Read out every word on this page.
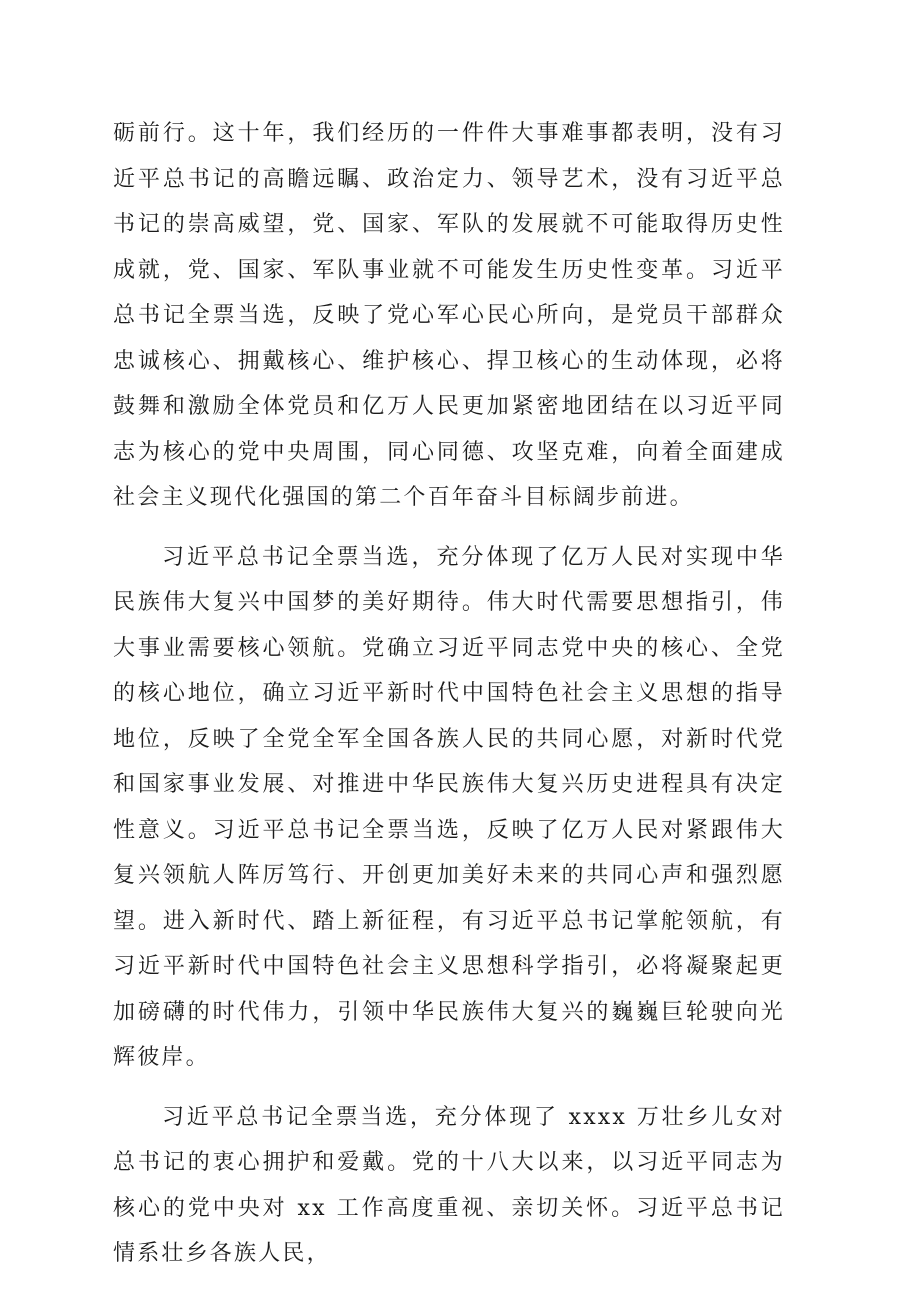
砺前行。这十年，我们经历的一件件大事难事都表明，没有习近平总书记的高瞻远瞩、政治定力、领导艺术，没有习近平总书记的崇高威望，党、国家、军队的发展就不可能取得历史性成就，党、国家、军队事业就不可能发生历史性变革。习近平总书记全票当选，反映了党心军心民心所向，是党员干部群众忠诚核心、拥戴核心、维护核心、捍卫核心的生动体现，必将鼓舞和激励全体党员和亿万人民更加紧密地团结在以习近平同志为核心的党中央周围，同心同德、攻坚克难，向着全面建成社会主义现代化强国的第二个百年奋斗目标阔步前进。

习近平总书记全票当选，充分体现了亿万人民对实现中华民族伟大复兴中国梦的美好期待。伟大时代需要思想指引，伟大事业需要核心领航。党确立习近平同志党中央的核心、全党的核心地位，确立习近平新时代中国特色社会主义思想的指导地位，反映了全党全军全国各族人民的共同心愿，对新时代党和国家事业发展、对推进中华民族伟大复兴历史进程具有决定性意义。习近平总书记全票当选，反映了亿万人民对紧跟伟大复兴领航人阵厉笃行、开创更加美好未来的共同心声和强烈愿望。进入新时代、踏上新征程，有习近平总书记掌舵领航，有习近平新时代中国特色社会主义思想科学指引，必将凝聚起更加磅礴的时代伟力，引领中华民族伟大复兴的巍巍巨轮驶向光辉彼岸。

习近平总书记全票当选，充分体现了 xxxx 万壮乡儿女对总书记的衷心拥护和爱戴。党的十八大以来，以习近平同志为核心的党中央对 xx 工作高度重视、亲切关怀。习近平总书记情系壮乡各族人民，
